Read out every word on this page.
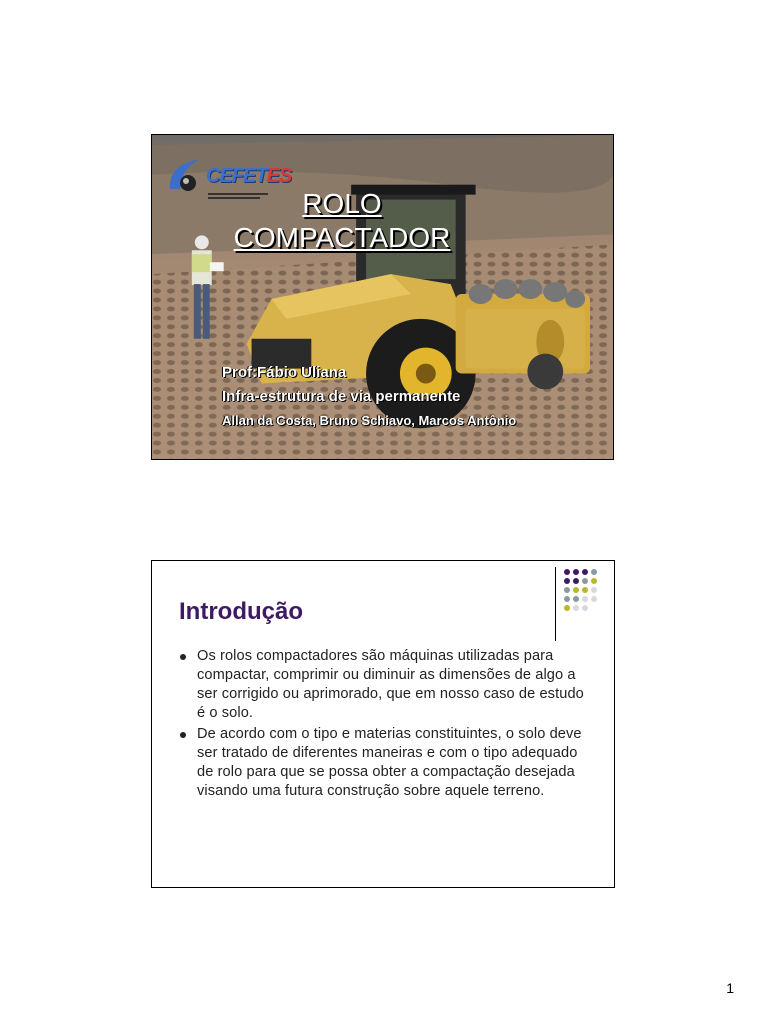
CEFETES
ROLO
COMPACTADOR
Prof:Fábio Uliana
Infra-estrutura de via permanente
Allan da Costa, Bruno Schiavo, Marcos Antônio
Introdução
Os rolos compactadores são máquinas utilizadas para compactar, comprimir ou diminuir as dimensões de algo a ser corrigido ou aprimorado, que em nosso caso de estudo é o solo.
De acordo com o tipo e materias constituintes, o solo deve ser tratado de diferentes maneiras e com o tipo adequado de rolo para que se possa obter a compactação desejada visando uma futura construção sobre aquele terreno.
1
